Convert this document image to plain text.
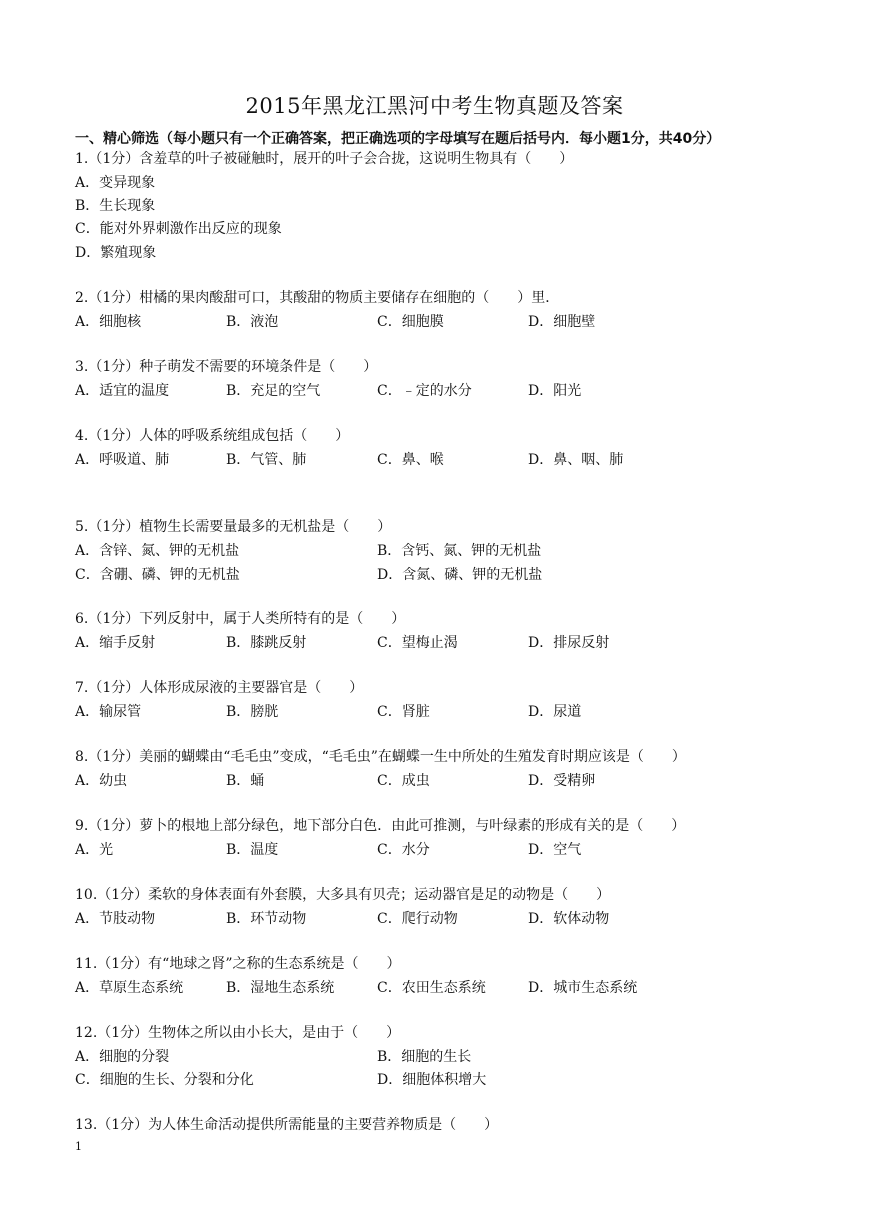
2015年黑龙江黑河中考生物真题及答案
一、精心筛选（每小题只有一个正确答案，把正确选项的字母填写在题后括号内．每小题1分，共40分）
1.（1分）含羞草的叶子被碰触时，展开的叶子会合拢，这说明生物具有（　　）
A．变异现象
B．生长现象
C．能对外界刺激作出反应的现象
D．繁殖现象
2.（1分）柑橘的果肉酸甜可口，其酸甜的物质主要储存在细胞的（　　）里．
A．细胞核	B．液泡	C．细胞膜	D．细胞壁
3.（1分）种子萌发不需要的环境条件是（　　）
A．适宜的温度	B．充足的空气	C．﹣定的水分	D．阳光
4.（1分）人体的呼吸系统组成包括（　　）
A．呼吸道、肺	B．气管、肺	C．鼻、喉	D．鼻、咽、肺
5.（1分）植物生长需要量最多的无机盐是（　　）
A．含锌、氮、钾的无机盐	B．含钙、氮、钾的无机盐
C．含硼、磷、钾的无机盐	D．含氮、磷、钾的无机盐
6.（1分）下列反射中，属于人类所特有的是（　　）
A．缩手反射	B．膝跳反射	C．望梅止渴	D．排尿反射
7.（1分）人体形成尿液的主要器官是（　　）
A．输尿管	B．膀胱	C．肾脏	D．尿道
8.（1分）美丽的蝴蝶由“毛毛虫”变成，“毛毛虫”在蝴蝶一生中所处的生殖发育时期应该是（　　）
A．幼虫	B．蛹	C．成虫	D．受精卵
9.（1分）萝卜的根地上部分绿色，地下部分白色．由此可推测，与叶绿素的形成有关的是（　　）
A．光	B．温度	C．水分	D．空气
10.（1分）柔软的身体表面有外套膜，大多具有贝壳；运动器官是足的动物是（　　）
A．节肢动物	B．环节动物	C．爬行动物	D．软体动物
11.（1分）有“地球之肾”之称的生态系统是（　　）
A．草原生态系统	B．湿地生态系统	C．农田生态系统	D．城市生态系统
12.（1分）生物体之所以由小长大，是由于（　　）
A．细胞的分裂	B．细胞的生长
C．细胞的生长、分裂和分化	D．细胞体积增大
13.（1分）为人体生命活动提供所需能量的主要营养物质是（　　）
1
